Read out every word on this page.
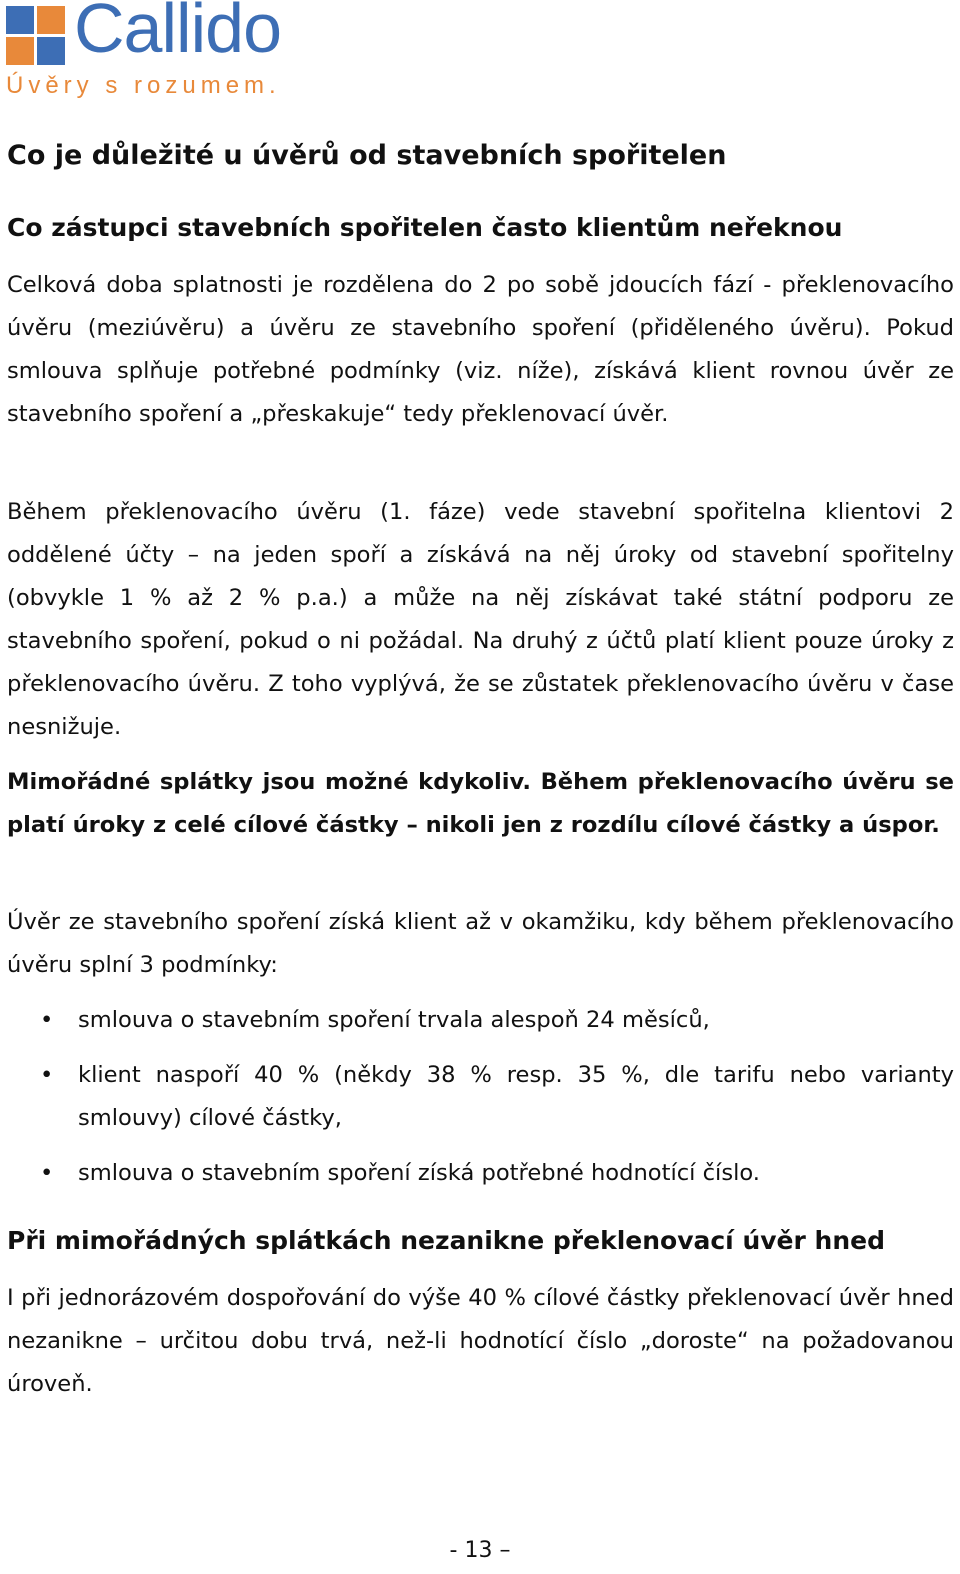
Callido
Úvěry s rozumem.
Co je důležité u úvěrů od stavebních spořitelen
Co zástupci stavebních spořitelen často klientům neřeknou

Celková doba splatnosti je rozdělena do 2 po sobě jdoucích fází - překlenovacího úvěru (meziúvěru) a úvěru ze stavebního spoření (přiděleného úvěru). Pokud smlouva splňuje potřebné podmínky (viz. níže), získává klient rovnou úvěr ze stavebního spoření a „přeskakuje“ tedy překlenovací úvěr.

Během překlenovacího úvěru (1. fáze) vede stavební spořitelna klientovi 2 oddělené účty – na jeden spoří a získává na něj úroky od stavební spořitelny (obvykle 1 % až 2 % p.a.) a může na něj získávat také státní podporu ze stavebního spoření, pokud o ni požádal. Na druhý z účtů platí klient pouze úroky z překlenovacího úvěru. Z toho vyplývá, že se zůstatek překlenovacího úvěru v čase nesnižuje.

Mimořádné splátky jsou možné kdykoliv. Během překlenovacího úvěru se platí úroky z celé cílové částky – nikoli jen z rozdílu cílové částky a úspor.

Úvěr ze stavebního spoření získá klient až v okamžiku, kdy během překlenovacího úvěru splní 3 podmínky:

• smlouva o stavebním spoření trvala alespoň 24 měsíců,
• klient naspoří 40 % (někdy 38 % resp. 35 %, dle tarifu nebo varianty smlouvy) cílové částky,
• smlouva o stavebním spoření získá potřebné hodnotící číslo.
Při mimořádných splátkách nezanikne překlenovací úvěr hned

I při jednorázovém dospořování do výše 40 % cílové částky překlenovací úvěr hned nezanikne – určitou dobu trvá, než-li hodnotící číslo „doroste“ na požadovanou úroveň.

- 13 –
